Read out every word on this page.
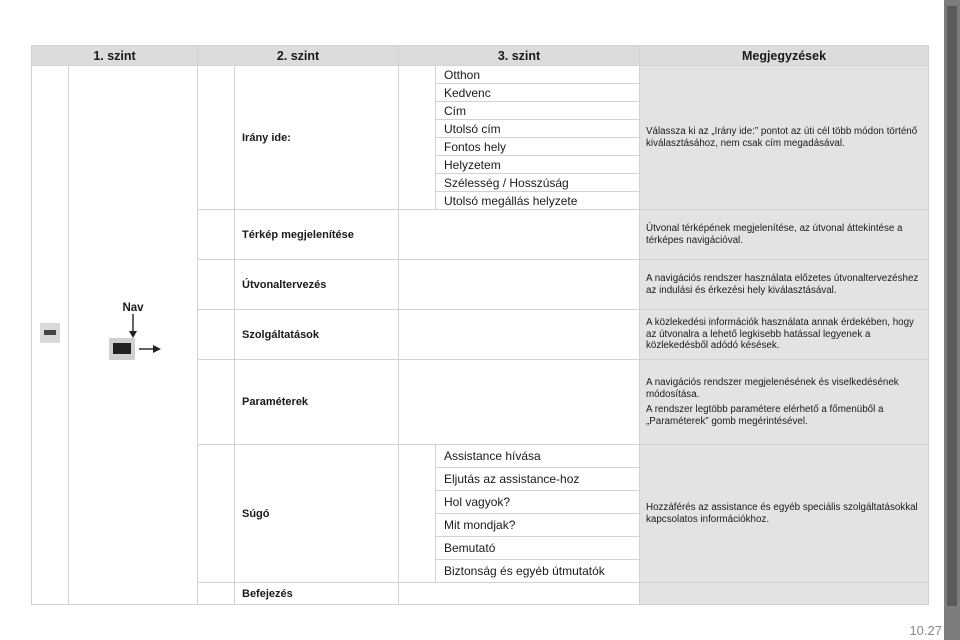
1. szint		2. szint		3. szint		Megjegyzések

	Nav		Irány ide:		Otthon	Válassza ki az „Irány ide:” pontot az úti cél több módon történő kiválasztásához, nem csak cím megadásával.

					Kedvenc	
					Cím	
					Utolsó cím	
					Fontos hely	
					Helyzetem	
					Szélesség / Hosszúság	
					Utolsó megállás helyzete	
			Térkép megjelenítése			Útvonal térképének megjelenítése, az útvonal áttekintése a térképes navigációval.

			Útvonaltervezés			A navigációs rendszer használata előzetes útvonaltervezéshez az indulási és érkezési hely kiválasztásával.

			Szolgáltatások			A közlekedési információk használata annak érdekében, hogy az útvonalra a lehető legkisebb hatással legyenek a közlekedésből adódó késések.

			Paraméterek			A navigációs rendszer megjelenésének és viselkedésének módosítása.

A rendszer legtöbb paramétere elérhető a főmenüből a „Paraméterek” gomb megérintésével.

			Súgó		Assistance hívása	Hozzáférés az assistance és egyéb speciális szolgáltatásokkal kapcsolatos információkhoz.

					Eljutás az assistance-hoz	
					Hol vagyok?	
					Mit mondjak?	
					Bemutató	
					Biztonság és egyéb útmutatók	
			Befejezés			
10.27
